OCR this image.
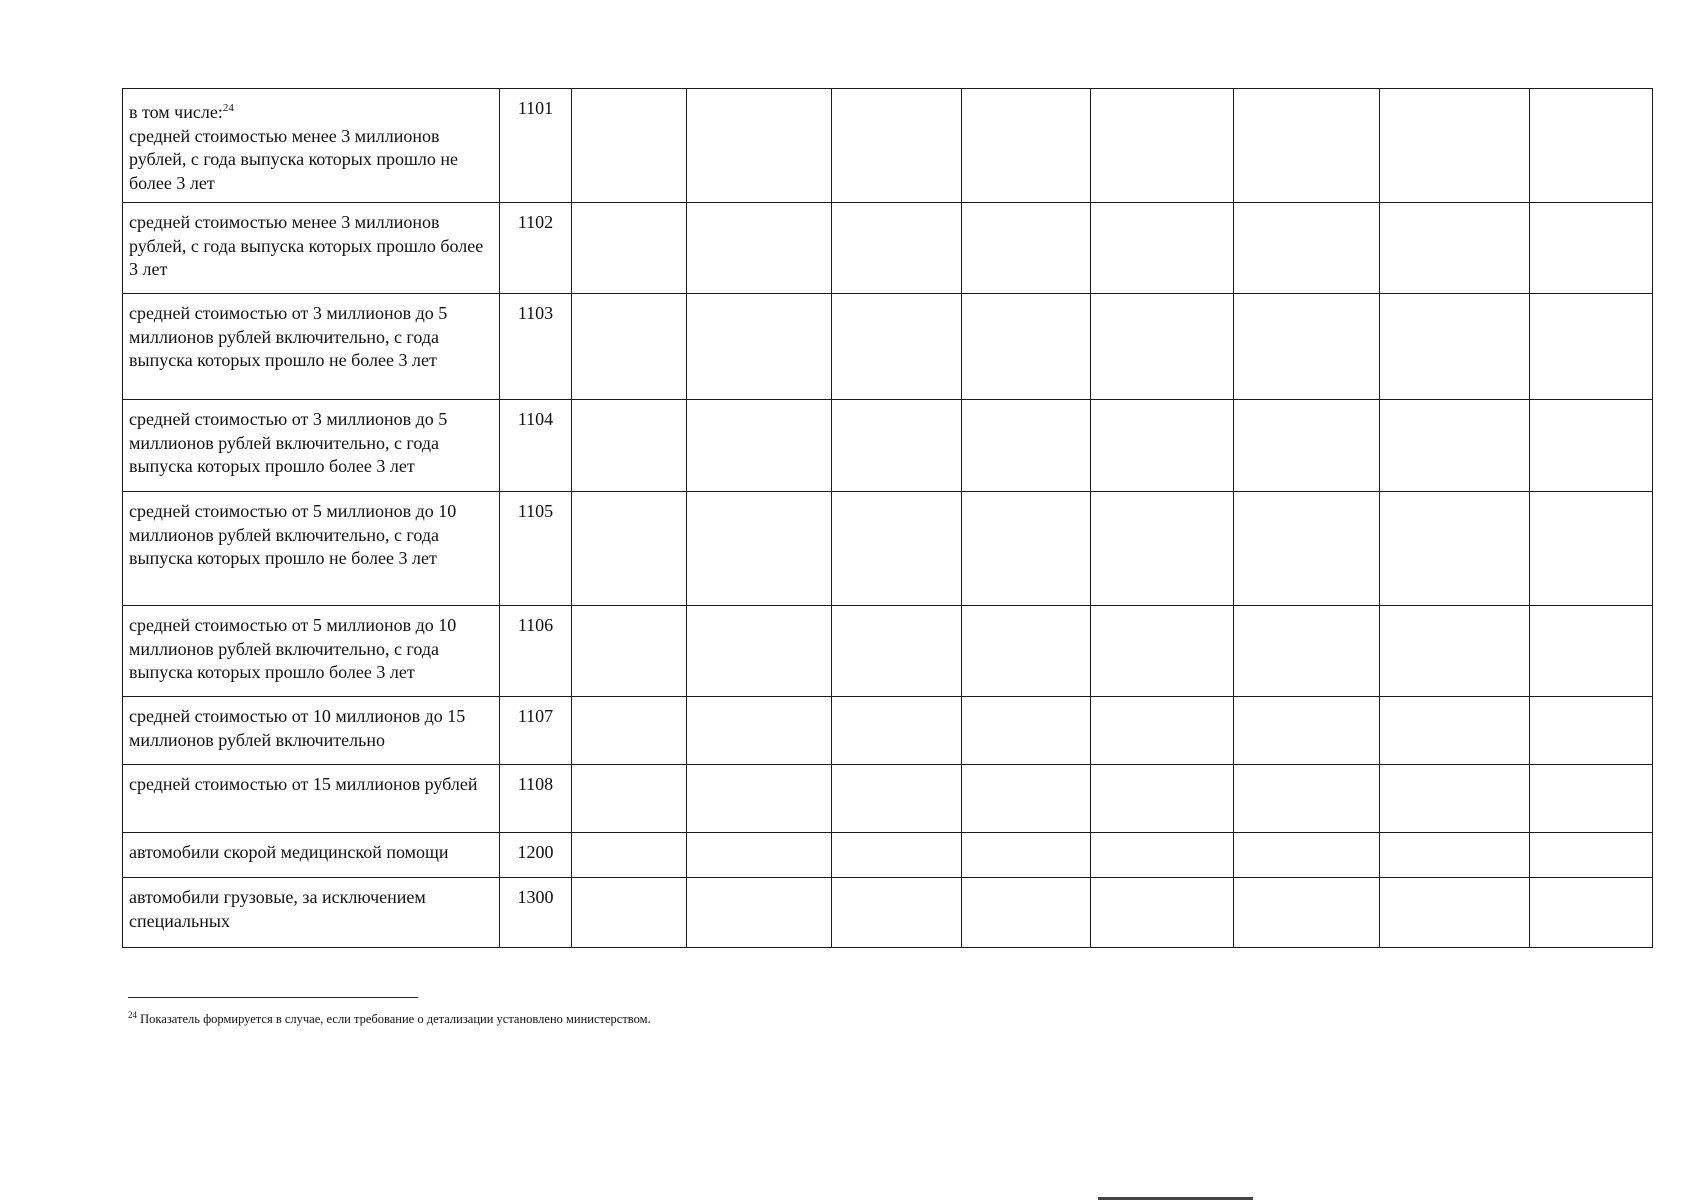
в том числе:$^{24}$
средней стоимостью менее 3 миллионов рублей, с года выпуска которых прошло не более 3 лет	1101								
средней стоимостью менее 3 миллионов рублей, с года выпуска которых прошло более 3 лет	1102								
средней стоимостью от 3 миллионов до 5 миллионов рублей включительно, с года выпуска которых прошло не более 3 лет	1103								
средней стоимостью от 3 миллионов до 5 миллионов рублей включительно, с года выпуска которых прошло более 3 лет	1104								
средней стоимостью от 5 миллионов до 10 миллионов рублей включительно, с года выпуска которых прошло не более 3 лет	1105								
средней стоимостью от 5 миллионов до 10 миллионов рублей включительно, с года выпуска которых прошло более 3 лет	1106								
средней стоимостью от 10 миллионов до 15 миллионов рублей включительно	1107								
средней стоимостью от 15 миллионов рублей	1108								
автомобили скорой медицинской помощи	1200								
автомобили грузовые, за исключением специальных	1300								
$^{24}$ Показатель формируется в случае, если требование о детализации установлено министерством.
